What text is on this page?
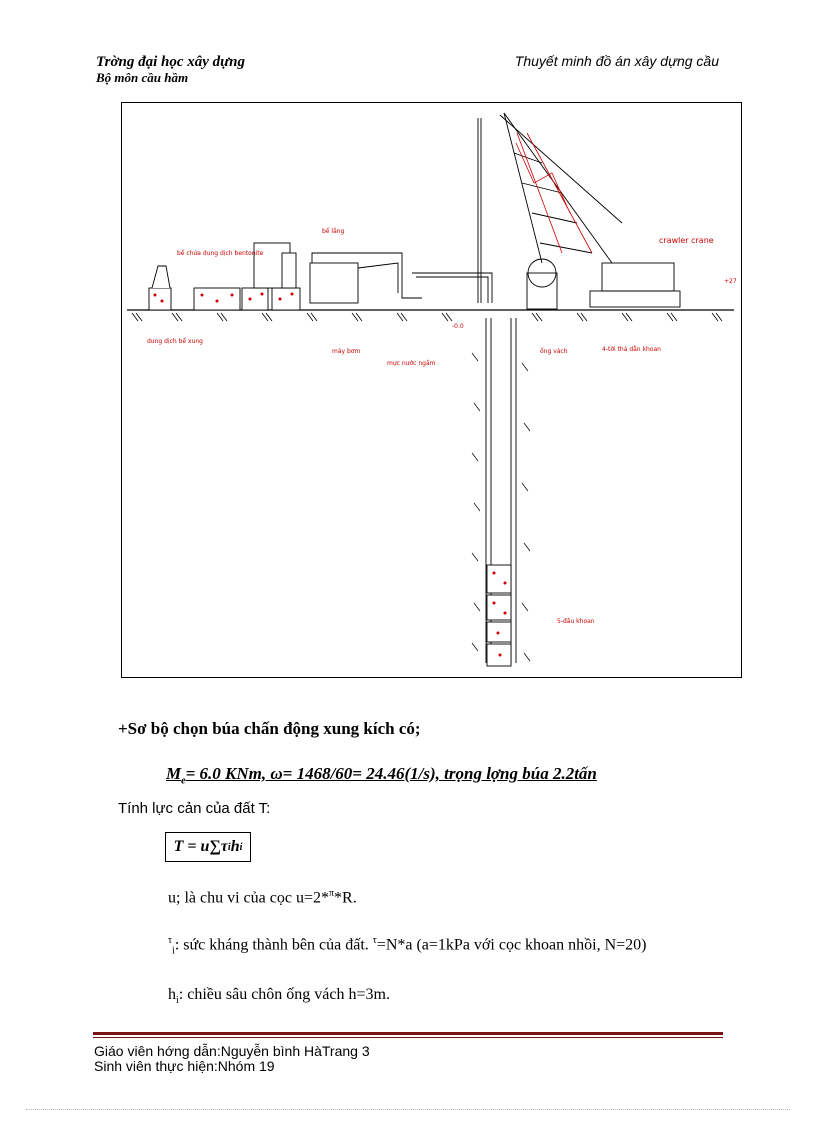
Trờng đại học xây dựng
Bộ môn cầu hầm
Thuyết minh đồ án xây dựng cầu
bể lắng
bể chứa dung dịch bentonite
dung dịch bể xung
máy bơm
mực nước ngầm
ống vách	4-tời thả dẫn khoan
5-đầu khoan
+27
-0.0
crawler crane
+Sơ bộ chọn búa chấn động xung kích có;
$M_e= 6.0$ KNm, ω= 1468/60= 24.46(1/s), trọng lợng búa 2.2tấn
Tính lực cản của đất T:
T = u∑τ i h i
u; là chu vi của cọc u=2*$^\pi$*R.
$^\tau_i$: sức kháng thành bên của đất. $^\tau$=N*a (a=1kPa với cọc khoan nhồi, N=20)
$h_i$: chiều sâu chôn ống vách h=3m.
Giáo viên hớng dẫn:Nguyễn bình HàTrang 3
Sinh viên thực hiện:Nhóm 19
